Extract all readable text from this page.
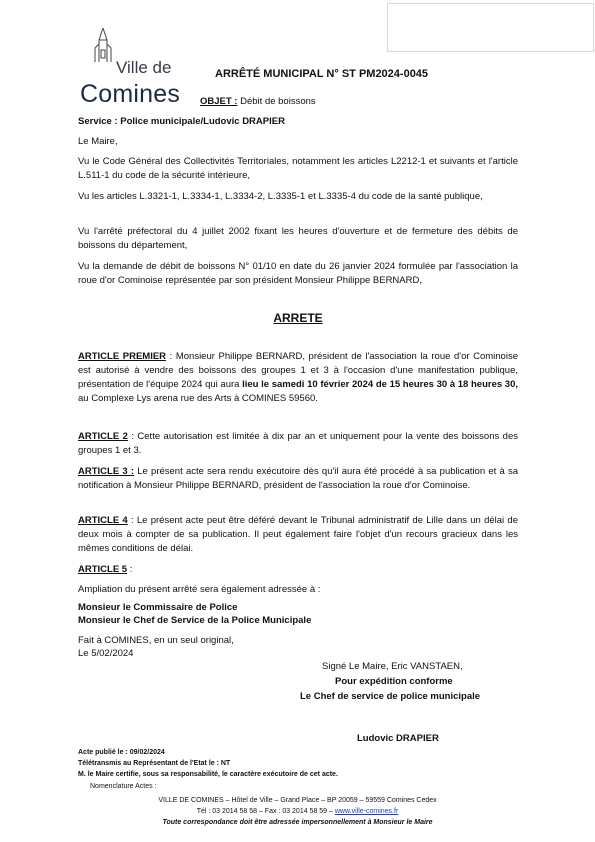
Ville de
Comines
ARRÊTÉ MUNICIPAL N° ST PM2024-0045
OBJET : Débit de boissons
Service : Police municipale/Ludovic DRAPIER
Le Maire,
Vu le Code Général des Collectivités Territoriales, notamment les articles L2212-1 et suivants et l'article L.511-1 du code de la sécurité intérieure,
Vu les articles L.3321-1, L.3334-1, L.3334-2, L.3335-1 et L.3335-4 du code de la santé publique,
Vu l'arrêté préfectoral du 4 juillet 2002 fixant les heures d'ouverture et de fermeture des débits de boissons du département,
Vu la demande de débit de boissons N° 01/10 en date du 26 janvier 2024 formulée par l'association la roue d'or Cominoise représentée par son président Monsieur Philippe BERNARD,
ARRETE
ARTICLE PREMIER : Monsieur Philippe BERNARD, président de l'association la roue d'or Cominoise est autorisé à vendre des boissons des groupes 1 et 3 à l'occasion d'une manifestation publique, présentation de l'équipe 2024 qui aura lieu le samedi 10 février 2024 de 15 heures 30 à 18 heures 30, au Complexe Lys arena rue des Arts à COMINES 59560.
ARTICLE 2 : Cette autorisation est limitée à dix par an et uniquement pour la vente des boissons des groupes 1 et 3.
ARTICLE 3 : Le présent acte sera rendu exécutoire dès qu'il aura été procédé à sa publication et à sa notification à Monsieur Philippe BERNARD, président de l'association la roue d'or Cominoise.
ARTICLE 4 : Le présent acte peut être déféré devant le Tribunal administratif de Lille dans un délai de deux mois à compter de sa publication. Il peut également faire l'objet d'un recours gracieux dans les mêmes conditions de délai.
ARTICLE 5 :
Ampliation du présent arrêté sera également adressée à :
Monsieur le Commissaire de Police
Monsieur le Chef de Service de la Police Municipale
Fait à COMINES, en un seul original,
Le 5/02/2024
Signé Le Maire, Eric VANSTAEN,
Pour expédition conforme
Le Chef de service de police municipale
Ludovic DRAPIER
Acte publié le : 09/02/2024
Télétransmis au Représentant de l'Etat le : NT
M. le Maire certifie, sous sa responsabilité, le caractère exécutoire de cet acte.
Nomenclature Actes :
VILLE DE COMINES – Hôtel de Ville – Grand Place – BP 20059 – 59559 Comines Cedex
Tél : 03 2014 58 58 – Fax : 03 2014 58 59 – www.ville-comines.fr
Toute correspondance doit être adressée impersonnellement à Monsieur le Maire
